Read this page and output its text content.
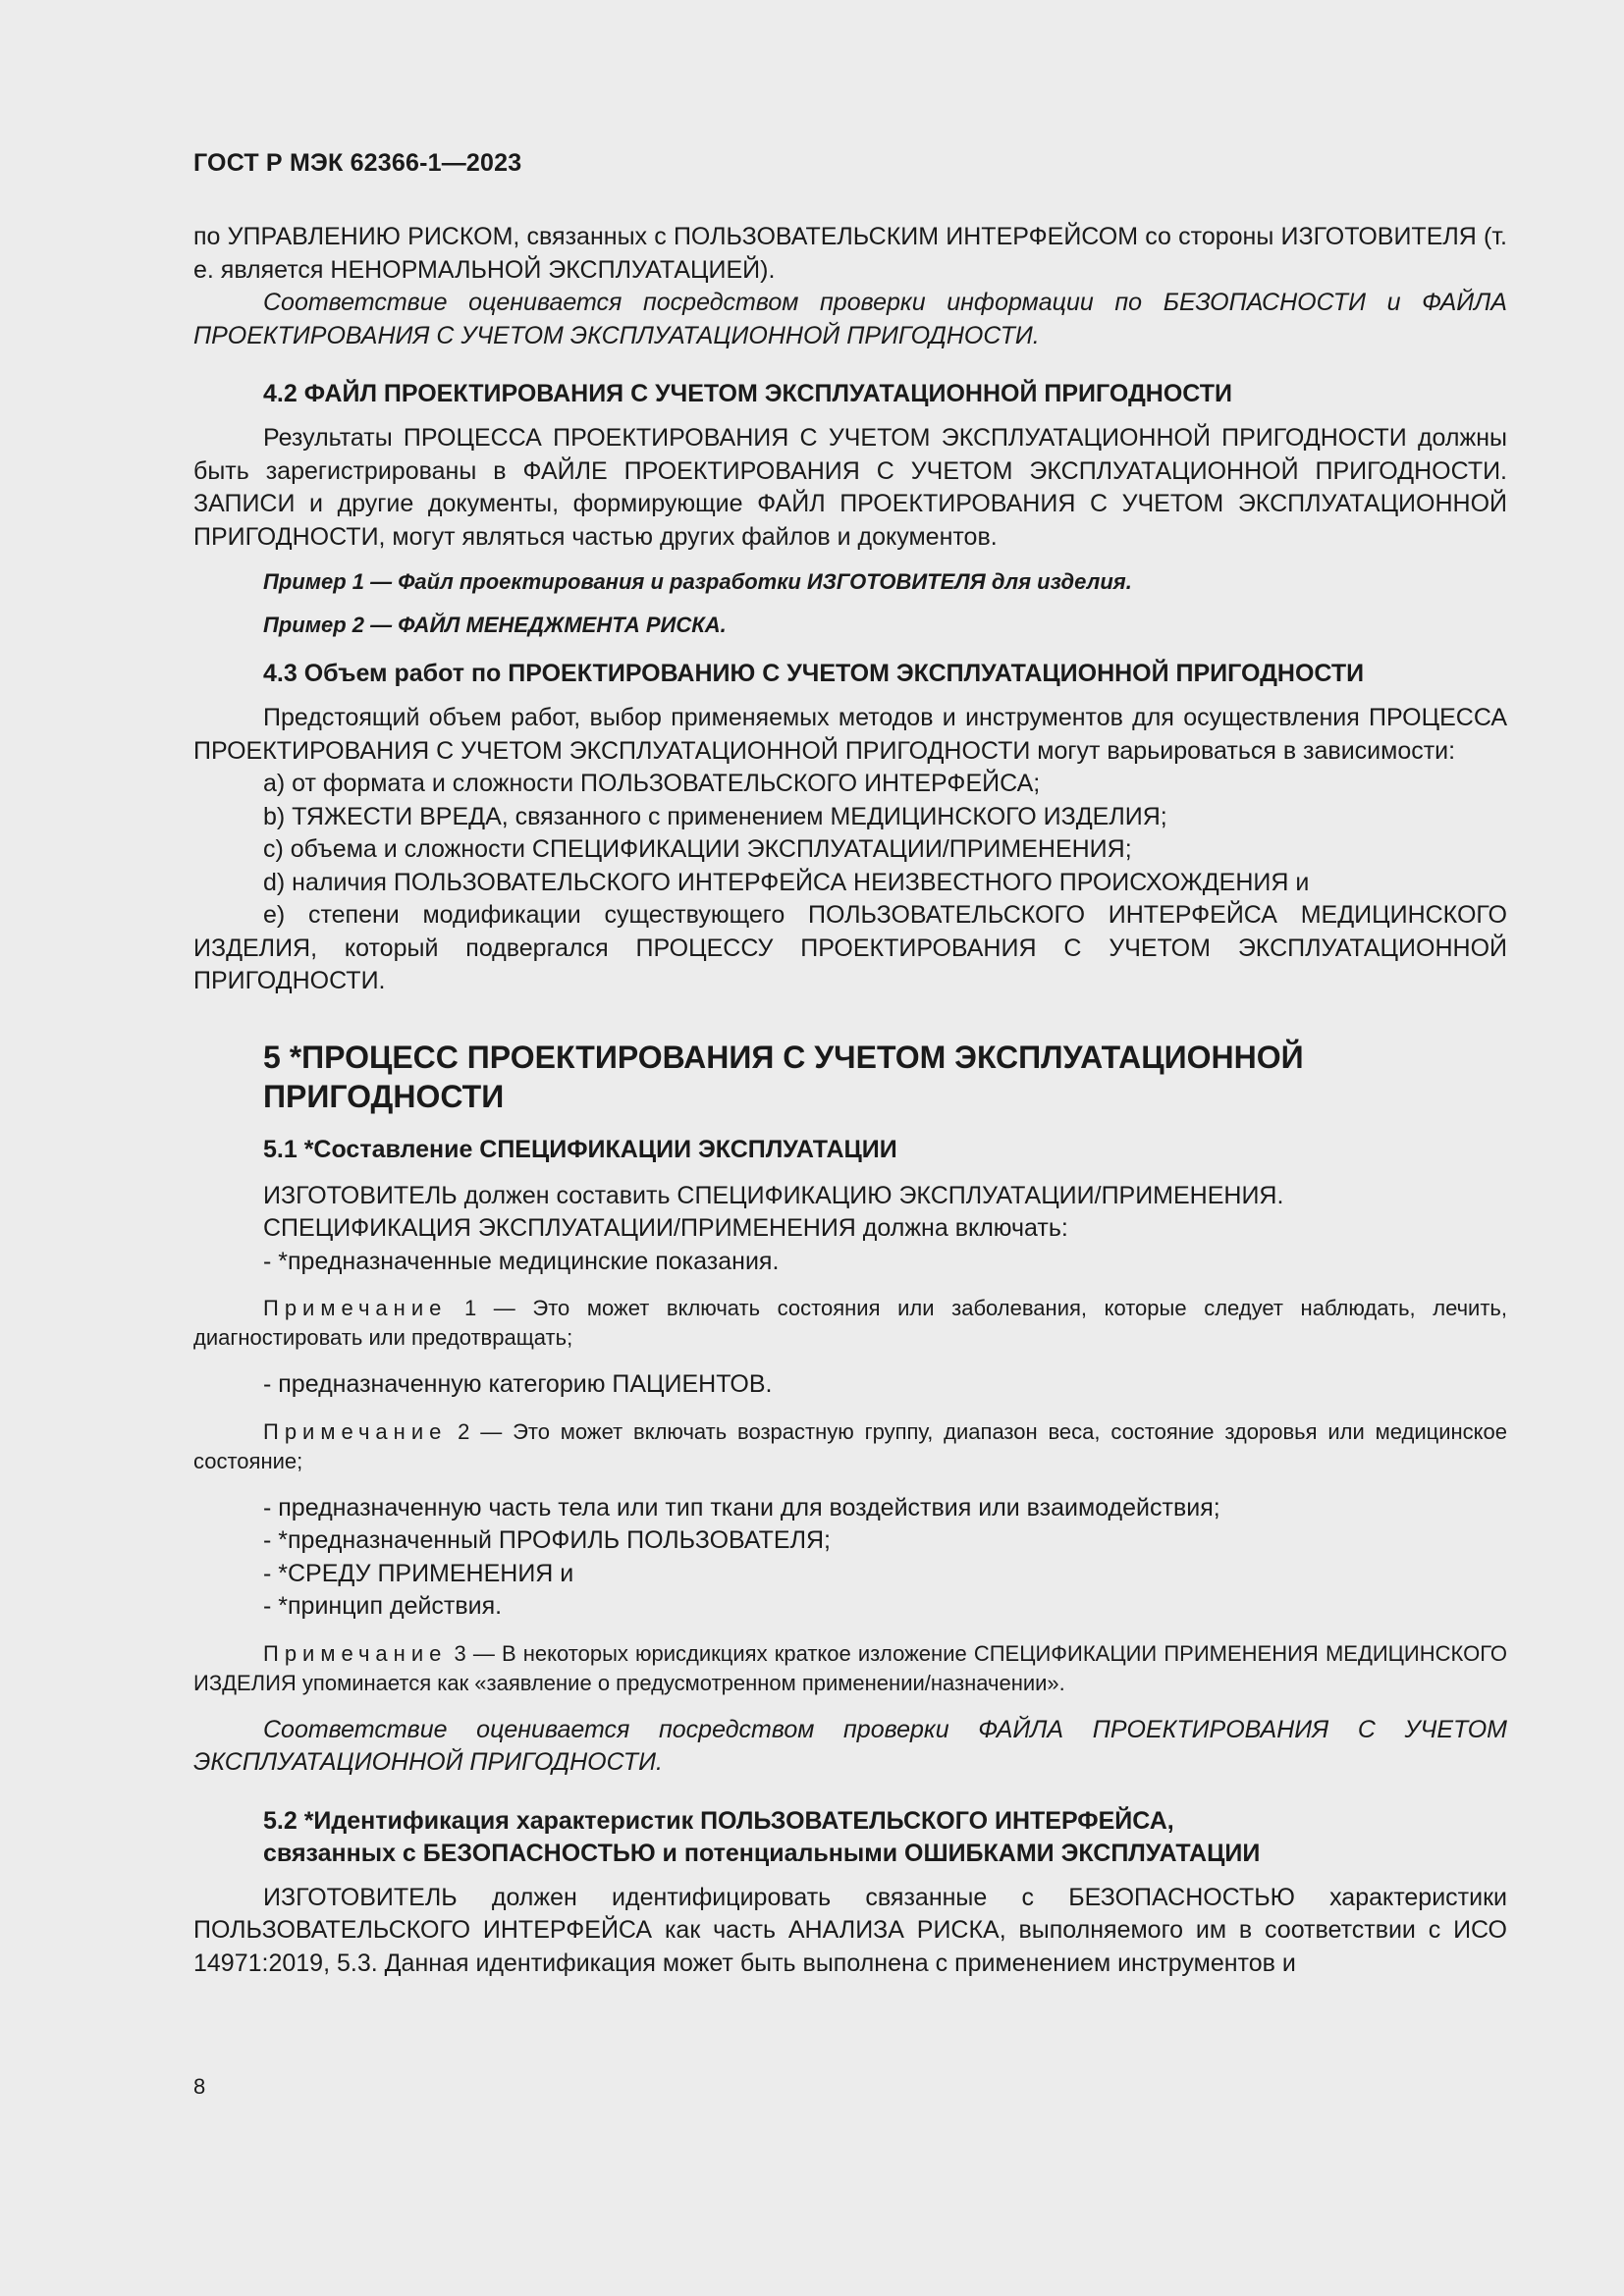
ГОСТ Р МЭК 62366-1—2023

по УПРАВЛЕНИЮ РИСКОМ, связанных с ПОЛЬЗОВАТЕЛЬСКИМ ИНТЕРФЕЙСОМ со стороны ИЗГОТОВИТЕЛЯ (т. е. является НЕНОРМАЛЬНОЙ ЭКСПЛУАТАЦИЕЙ).

Соответствие оценивается посредством проверки информации по БЕЗОПАСНОСТИ и ФАЙЛА ПРОЕКТИРОВАНИЯ С УЧЕТОМ ЭКСПЛУАТАЦИОННОЙ ПРИГОДНОСТИ.

4.2 ФАЙЛ ПРОЕКТИРОВАНИЯ С УЧЕТОМ ЭКСПЛУАТАЦИОННОЙ ПРИГОДНОСТИ

Результаты ПРОЦЕССА ПРОЕКТИРОВАНИЯ С УЧЕТОМ ЭКСПЛУАТАЦИОННОЙ ПРИГОДНОСТИ должны быть зарегистрированы в ФАЙЛЕ ПРОЕКТИРОВАНИЯ С УЧЕТОМ ЭКСПЛУАТАЦИОННОЙ ПРИГОДНОСТИ. ЗАПИСИ и другие документы, формирующие ФАЙЛ ПРОЕКТИРОВАНИЯ С УЧЕТОМ ЭКСПЛУАТАЦИОННОЙ ПРИГОДНОСТИ, могут являться частью других файлов и документов.

Пример 1 — Файл проектирования и разработки ИЗГОТОВИТЕЛЯ для изделия.

Пример 2 — ФАЙЛ МЕНЕДЖМЕНТА РИСКА.

4.3 Объем работ по ПРОЕКТИРОВАНИЮ С УЧЕТОМ ЭКСПЛУАТАЦИОННОЙ ПРИГОДНОСТИ

Предстоящий объем работ, выбор применяемых методов и инструментов для осуществления ПРОЦЕССА ПРОЕКТИРОВАНИЯ С УЧЕТОМ ЭКСПЛУАТАЦИОННОЙ ПРИГОДНОСТИ могут варьироваться в зависимости:

a) от формата и сложности ПОЛЬЗОВАТЕЛЬСКОГО ИНТЕРФЕЙСА;

b) ТЯЖЕСТИ ВРЕДА, связанного с применением МЕДИЦИНСКОГО ИЗДЕЛИЯ;

c) объема и сложности СПЕЦИФИКАЦИИ ЭКСПЛУАТАЦИИ/ПРИМЕНЕНИЯ;

d) наличия ПОЛЬЗОВАТЕЛЬСКОГО ИНТЕРФЕЙСА НЕИЗВЕСТНОГО ПРОИСХОЖДЕНИЯ и

e) степени модификации существующего ПОЛЬЗОВАТЕЛЬСКОГО ИНТЕРФЕЙСА МЕДИЦИНСКОГО ИЗДЕЛИЯ, который подвергался ПРОЦЕССУ ПРОЕКТИРОВАНИЯ С УЧЕТОМ ЭКСПЛУАТАЦИОННОЙ ПРИГОДНОСТИ.

5 *ПРОЦЕСС ПРОЕКТИРОВАНИЯ С УЧЕТОМ ЭКСПЛУАТАЦИОННОЙ ПРИГОДНОСТИ
5.1 *Составление СПЕЦИФИКАЦИИ ЭКСПЛУАТАЦИИ

ИЗГОТОВИТЕЛЬ должен составить СПЕЦИФИКАЦИЮ ЭКСПЛУАТАЦИИ/ПРИМЕНЕНИЯ.

СПЕЦИФИКАЦИЯ ЭКСПЛУАТАЦИИ/ПРИМЕНЕНИЯ должна включать:

- *предназначенные медицинские показания.

Примечание 1 — Это может включать состояния или заболевания, которые следует наблюдать, лечить, диагностировать или предотвращать;

- предназначенную категорию ПАЦИЕНТОВ.

Примечание 2 — Это может включать возрастную группу, диапазон веса, состояние здоровья или медицинское состояние;

- предназначенную часть тела или тип ткани для воздействия или взаимодействия;

- *предназначенный ПРОФИЛЬ ПОЛЬЗОВАТЕЛЯ;

- *СРЕДУ ПРИМЕНЕНИЯ и

- *принцип действия.

Примечание 3 — В некоторых юрисдикциях краткое изложение СПЕЦИФИКАЦИИ ПРИМЕНЕНИЯ МЕДИЦИНСКОГО ИЗДЕЛИЯ упоминается как «заявление о предусмотренном применении/назначении».

Соответствие оценивается посредством проверки ФАЙЛА ПРОЕКТИРОВАНИЯ С УЧЕТОМ ЭКСПЛУАТАЦИОННОЙ ПРИГОДНОСТИ.

5.2 *Идентификация характеристик ПОЛЬЗОВАТЕЛЬСКОГО ИНТЕРФЕЙСА,
связанных с БЕЗОПАСНОСТЬЮ и потенциальными ОШИБКАМИ ЭКСПЛУАТАЦИИ

ИЗГОТОВИТЕЛЬ должен идентифицировать связанные с БЕЗОПАСНОСТЬЮ характеристики ПОЛЬЗОВАТЕЛЬСКОГО ИНТЕРФЕЙСА как часть АНАЛИЗА РИСКА, выполняемого им в соответствии с ИСО 14971:2019, 5.3. Данная идентификация может быть выполнена с применением инструментов и

8
